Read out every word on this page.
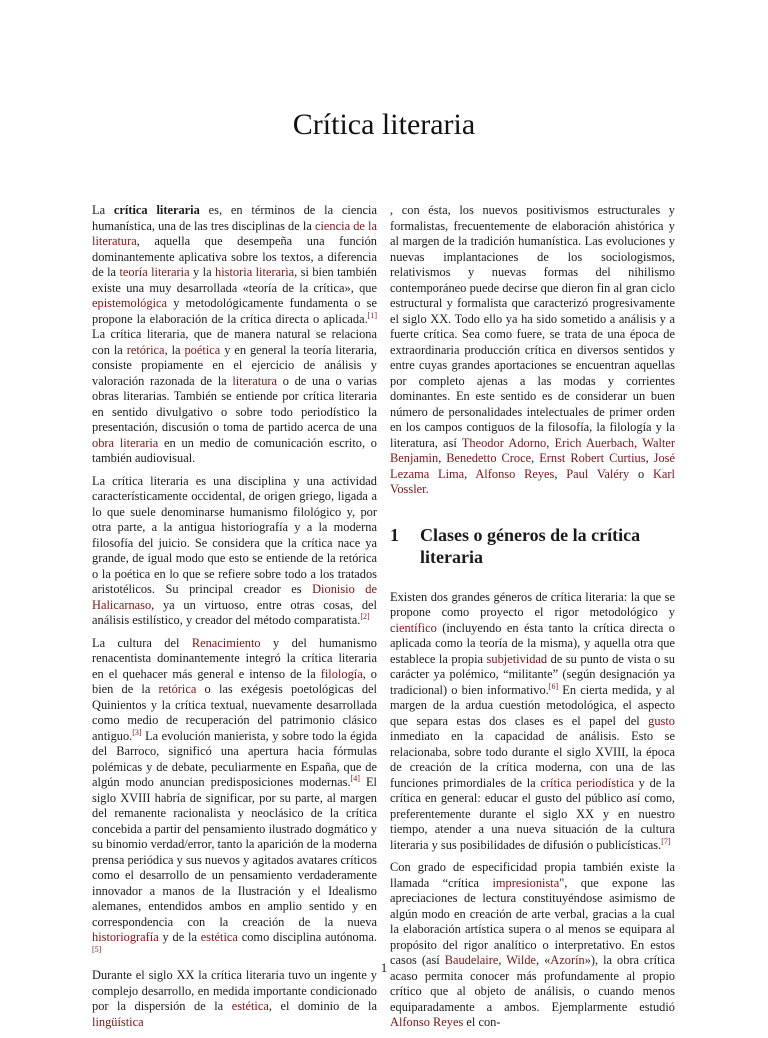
Crítica literaria

La crítica literaria es, en términos de la ciencia humanística, una de las tres disciplinas de la ciencia de la literatura, aquella que desempeña una función dominantemente aplicativa sobre los textos, a diferencia de la teoría literaria y la historia literaria, si bien también existe una muy desarrollada «teoría de la crítica», que epistemológica y metodológicamente fundamenta o se propone la elaboración de la crítica directa o aplicada.[1] La crítica literaria, que de manera natural se relaciona con la retórica, la poética y en general la teoría literaria, consiste propiamente en el ejercicio de análisis y valoración razonada de la literatura o de una o varias obras literarias. También se entiende por crítica literaria en sentido divulgativo o sobre todo periodístico la presentación, discusión o toma de partido acerca de una obra literaria en un medio de comunicación escrito, o también audiovisual.

La crítica literaria es una disciplina y una actividad característicamente occidental, de origen griego, ligada a lo que suele denominarse humanismo filológico y, por otra parte, a la antigua historiografía y a la moderna filosofía del juicio. Se considera que la crítica nace ya grande, de igual modo que esto se entiende de la retórica o la poética en lo que se refiere sobre todo a los tratados aristotélicos. Su principal creador es Dionisio de Halicarnaso, ya un virtuoso, entre otras cosas, del análisis estilístico, y creador del método comparatista.[2]

La cultura del Renacimiento y del humanismo renacentista dominantemente integró la crítica literaria en el quehacer más general e intenso de la filología, o bien de la retórica o las exégesis poetológicas del Quinientos y la crítica textual, nuevamente desarrollada como medio de recuperación del patrimonio clásico antiguo.[3] La evolución manierista, y sobre todo la égida del Barroco, significó una apertura hacia fórmulas polémicas y de debate, peculiarmente en España, que de algún modo anuncian predisposiciones modernas.[4] El siglo XVIII habría de significar, por su parte, al margen del remanente racionalista y neoclásico de la crítica concebida a partir del pensamiento ilustrado dogmático y su binomio verdad/error, tanto la aparición de la moderna prensa periódica y sus nuevos y agitados avatares críticos como el desarrollo de un pensamiento verdaderamente innovador a manos de la Ilustración y el Idealismo alemanes, entendidos ambos en amplio sentido y en correspondencia con la creación de la nueva historiografía y de la estética como disciplina autónoma.[5]

Durante el siglo XX la crítica literaria tuvo un ingente y complejo desarrollo, en medida importante condicionado por la dispersión de la estética, el dominio de la lingüística

, con ésta, los nuevos positivismos estructurales y formalistas, frecuentemente de elaboración ahistórica y al margen de la tradición humanística. Las evoluciones y nuevas implantaciones de los sociologismos, relativismos y nuevas formas del nihilismo contemporáneo puede decirse que dieron fin al gran ciclo estructural y formalista que caracterizó progresivamente el siglo XX. Todo ello ya ha sido sometido a análisis y a fuerte crítica. Sea como fuere, se trata de una época de extraordinaria producción crítica en diversos sentidos y entre cuyas grandes aportaciones se encuentran aquellas por completo ajenas a las modas y corrientes dominantes. En este sentido es de considerar un buen número de personalidades intelectuales de primer orden en los campos contiguos de la filosofía, la filología y la literatura, así Theodor Adorno, Erich Auerbach, Walter Benjamin, Benedetto Croce, Ernst Robert Curtius, José Lezama Lima, Alfonso Reyes, Paul Valéry o Karl Vossler.

1	Clases o géneros de la crítica literaria

Existen dos grandes géneros de crítica literaria: la que se propone como proyecto el rigor metodológico y científico (incluyendo en ésta tanto la crítica directa o aplicada como la teoría de la misma), y aquella otra que establece la propia subjetividad de su punto de vista o su carácter ya polémico, “militante” (según designación ya tradicional) o bien informativo.[6] En cierta medida, y al margen de la ardua cuestión metodológica, el aspecto que separa estas dos clases es el papel del gusto inmediato en la capacidad de análisis. Esto se relacionaba, sobre todo durante el siglo XVIII, la época de creación de la crítica moderna, con una de las funciones primordiales de la crítica periodística y de la crítica en general: educar el gusto del público así como, preferentemente durante el siglo XX y en nuestro tiempo, atender a una nueva situación de la cultura literaria y sus posibilidades de difusión o publicísticas.[7]

Con grado de especificidad propia también existe la llamada “crítica impresionista", que expone las apreciaciones de lectura constituyéndose asimismo de algún modo en creación de arte verbal, gracias a la cual la elaboración artística supera o al menos se equipara al propósito del rigor analítico o interpretativo. En estos casos (así Baudelaire, Wilde, «Azorín»), la obra crítica acaso permita conocer más profundamente al propio crítico que al objeto de análisis, o cuando menos equiparadamente a ambos. Ejemplarmente estudió Alfonso Reyes el con-

1
